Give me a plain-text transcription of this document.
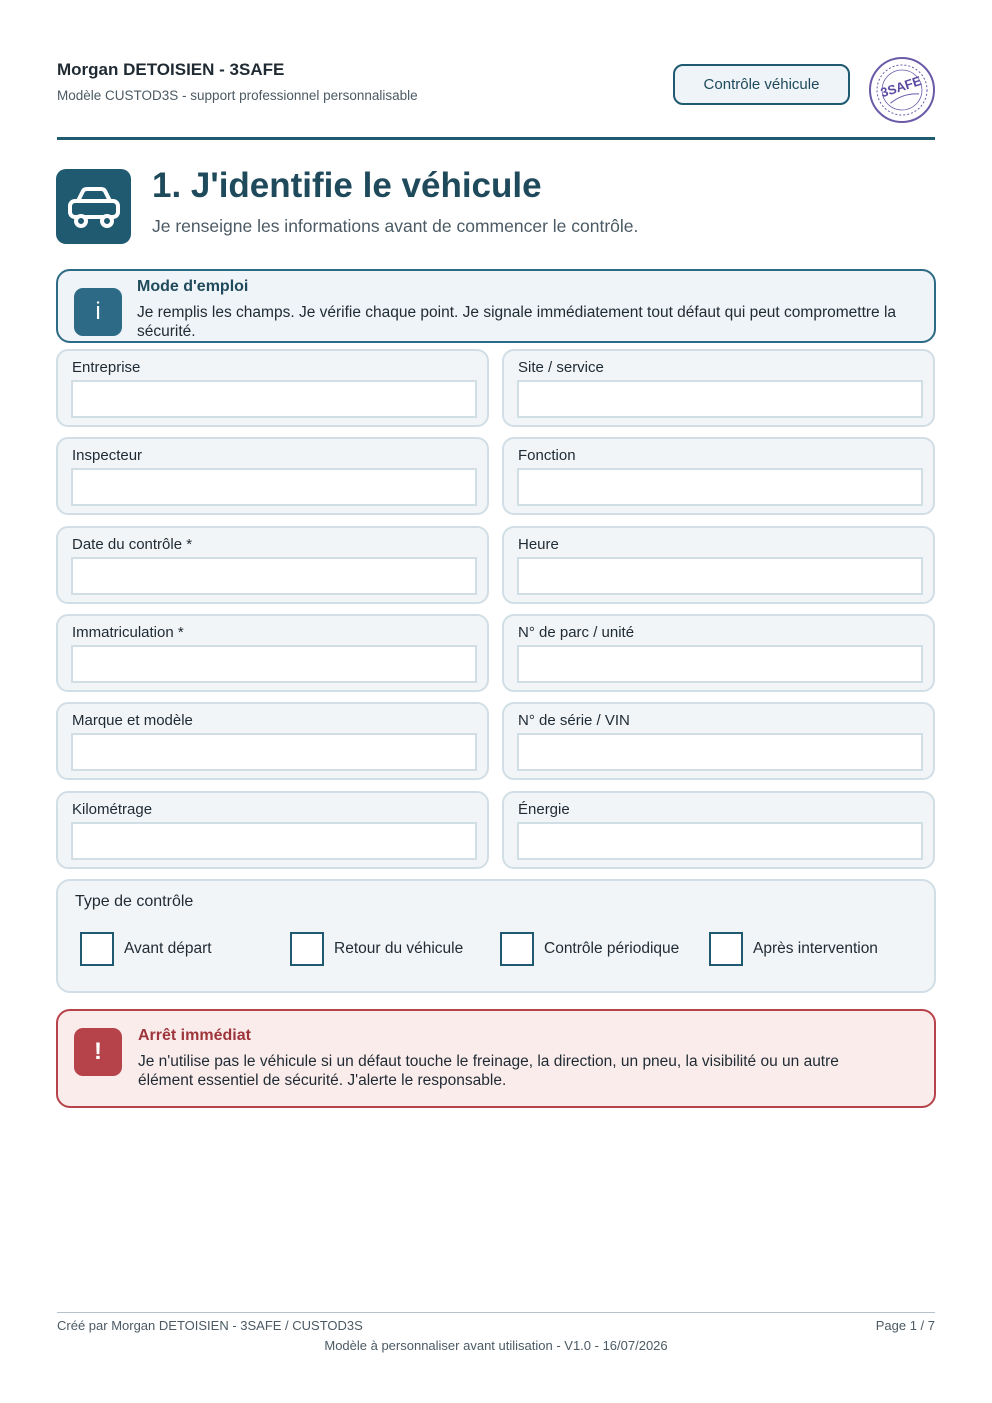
Morgan DETOISIEN - 3SAFE
Modèle CUSTOD3S - support professionnel personnalisable
Contrôle véhicule	3SAFE
1. J'identifie le véhicule
Je renseigne les informations avant de commencer le contrôle.
i
Mode d'emploi
Je remplis les champs. Je vérifie chaque point. Je signale immédiatement tout défaut qui peut compromettre la sécurité.
Entreprise	Site / service
Inspecteur	Fonction
Date du contrôle *	Heure
Immatriculation *	N° de parc / unité
Marque et modèle	N° de série / VIN
Kilométrage	Énergie
Type de contrôle
Avant départ	Retour du véhicule	Contrôle périodique	Après intervention
!
Arrêt immédiat
Je n'utilise pas le véhicule si un défaut touche le freinage, la direction, un pneu, la visibilité ou un autre élément essentiel de sécurité. J'alerte le responsable.
Créé par Morgan DETOISIEN - 3SAFE / CUSTOD3S	Page 1 / 7
Modèle à personnaliser avant utilisation - V1.0 - 16/07/2026
